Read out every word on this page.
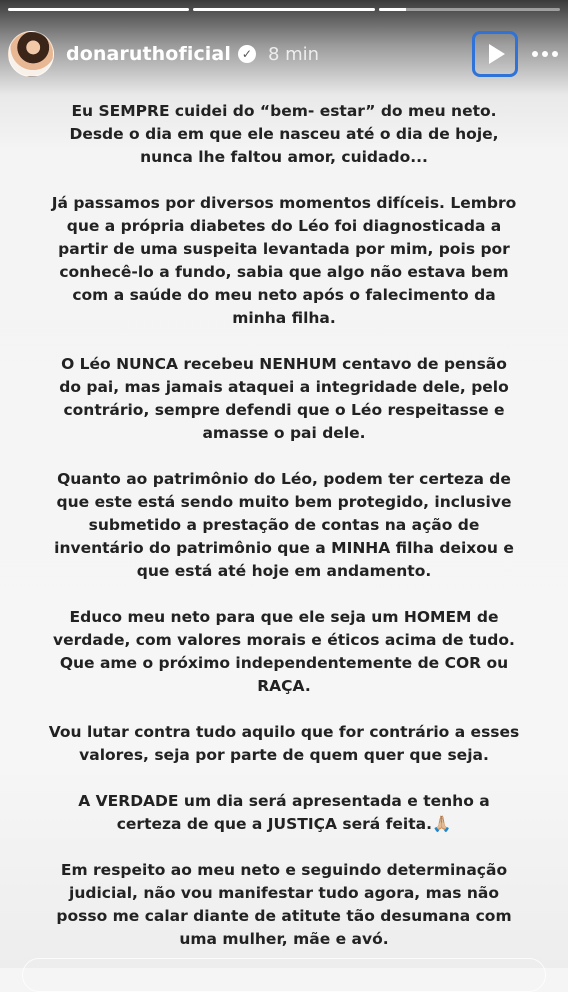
donaruthoficial ✓ 8 min

Eu SEMPRE cuidei do “bem- estar” do meu neto. Desde o dia em que ele nasceu até o dia de hoje, nunca lhe faltou amor, cuidado...

Já passamos por diversos momentos difíceis. Lembro que a própria diabetes do Léo foi diagnosticada a partir de uma suspeita levantada por mim, pois por conhecê-lo a fundo, sabia que algo não estava bem com a saúde do meu neto após o falecimento da minha filha.

O Léo NUNCA recebeu NENHUM centavo de pensão do pai, mas jamais ataquei a integridade dele, pelo contrário, sempre defendi que o Léo respeitasse e amasse o pai dele.

Quanto ao patrimônio do Léo, podem ter certeza de que este está sendo muito bem protegido, inclusive submetido a prestação de contas na ação de inventário do patrimônio que a MINHA filha deixou e que está até hoje em andamento.

Educo meu neto para que ele seja um HOMEM de verdade, com valores morais e éticos acima de tudo. Que ame o próximo independentemente de COR ou RAÇA.

Vou lutar contra tudo aquilo que for contrário a esses valores, seja por parte de quem quer que seja.

A VERDADE um dia será apresentada e tenho a certeza de que a JUSTIÇA será feita.🙏🏼

Em respeito ao meu neto e seguindo determinação judicial, não vou manifestar tudo agora, mas não posso me calar diante de atitute tão desumana com uma mulher, mãe e avó.
